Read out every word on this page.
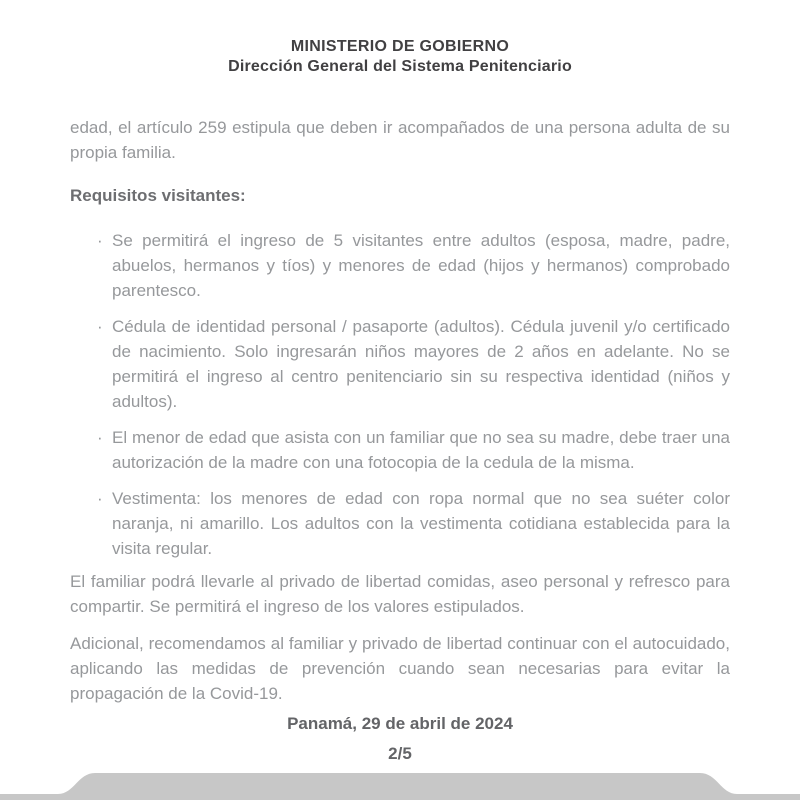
MINISTERIO DE GOBIERNO
Dirección General del Sistema Penitenciario

edad, el artículo 259 estipula que deben ir acompañados de una persona adulta de su propia familia.

Requisitos visitantes:
· Se permitirá el ingreso de 5 visitantes entre adultos (esposa, madre, padre, abuelos, hermanos y tíos) y menores de edad (hijos y hermanos) comprobado parentesco.
· Cédula de identidad personal / pasaporte (adultos). Cédula juvenil y/o certificado de nacimiento. Solo ingresarán niños mayores de 2 años en adelante. No se permitirá el ingreso al centro penitenciario sin su respectiva identidad (niños y adultos).
· El menor de edad que asista con un familiar que no sea su madre, debe traer una autorización de la madre con una fotocopia de la cedula de la misma.
· Vestimenta: los menores de edad con ropa normal que no sea suéter color naranja, ni amarillo. Los adultos con la vestimenta cotidiana establecida para la visita regular.

El familiar podrá llevarle al privado de libertad comidas, aseo personal y refresco para compartir. Se permitirá el ingreso de los valores estipulados.

Adicional, recomendamos al familiar y privado de libertad continuar con el autocuidado, aplicando las medidas de prevención cuando sean necesarias para evitar la propagación de la Covid-19.

Panamá, 29 de abril de 2024
2/5
